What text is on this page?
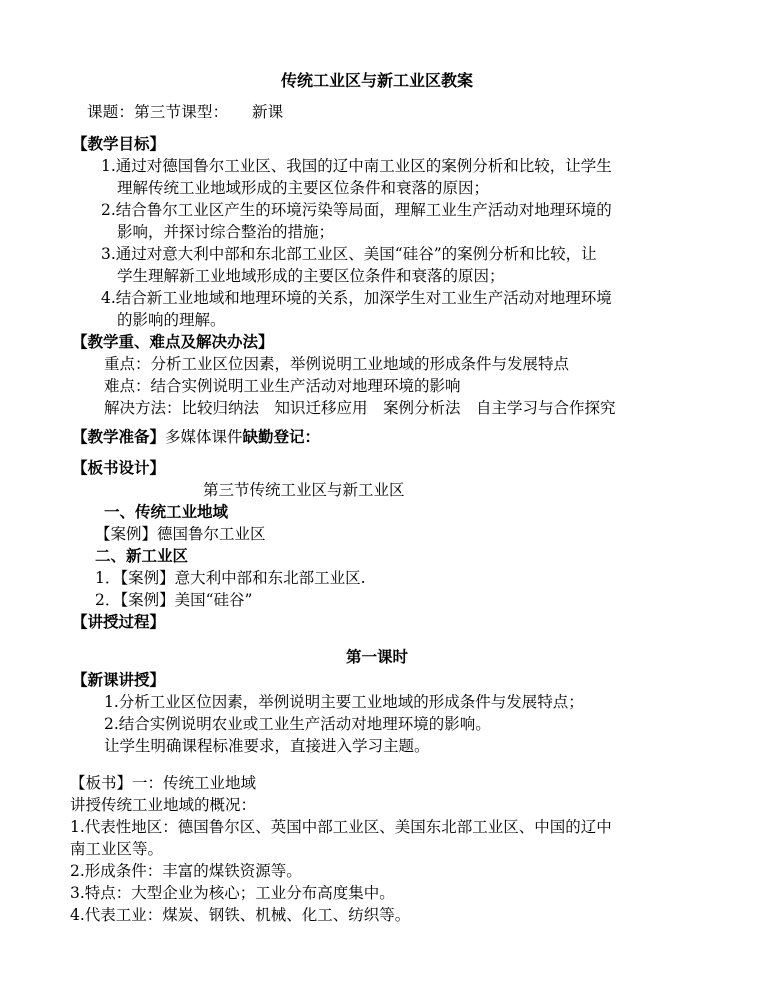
传统工业区与新工业区教案
课题：第三节课型：　　新课
【教学目标】
1.通过对德国鲁尔工业区、我国的辽中南工业区的案例分析和比较，让学生
理解传统工业地域形成的主要区位条件和衰落的原因；
2.结合鲁尔工业区产生的环境污染等局面，理解工业生产活动对地理环境的
影响，并探讨综合整治的措施；
3.通过对意大利中部和东北部工业区、美国“硅谷”的案例分析和比较，让
学生理解新工业地域形成的主要区位条件和衰落的原因；
4.结合新工业地域和地理环境的关系，加深学生对工业生产活动对地理环境
的影响的理解。
【教学重、难点及解决办法】
重点：分析工业区位因素，举例说明工业地域的形成条件与发展特点
难点：结合实例说明工业生产活动对地理环境的影响
解决方法：比较归纳法　知识迁移应用　案例分析法　自主学习与合作探究
【教学准备】多媒体课件缺勤登记：
【板书设计】
第三节传统工业区与新工业区
一、传统工业地域
【案例】德国鲁尔工业区
二、新工业区
1．【案例】意大利中部和东北部工业区.
2．【案例】美国“硅谷”
【讲授过程】
第一课时
【新课讲授】
1.分析工业区位因素，举例说明主要工业地域的形成条件与发展特点；
2.结合实例说明农业或工业生产活动对地理环境的影响。
让学生明确课程标准要求，直接进入学习主题。
【板书】一：传统工业地域
讲授传统工业地域的概况：
1.代表性地区：德国鲁尔区、英国中部工业区、美国东北部工业区、中国的辽中
南工业区等。
2.形成条件：丰富的煤铁资源等。
3.特点：大型企业为核心；工业分布高度集中。
4.代表工业：煤炭、钢铁、机械、化工、纺织等。
